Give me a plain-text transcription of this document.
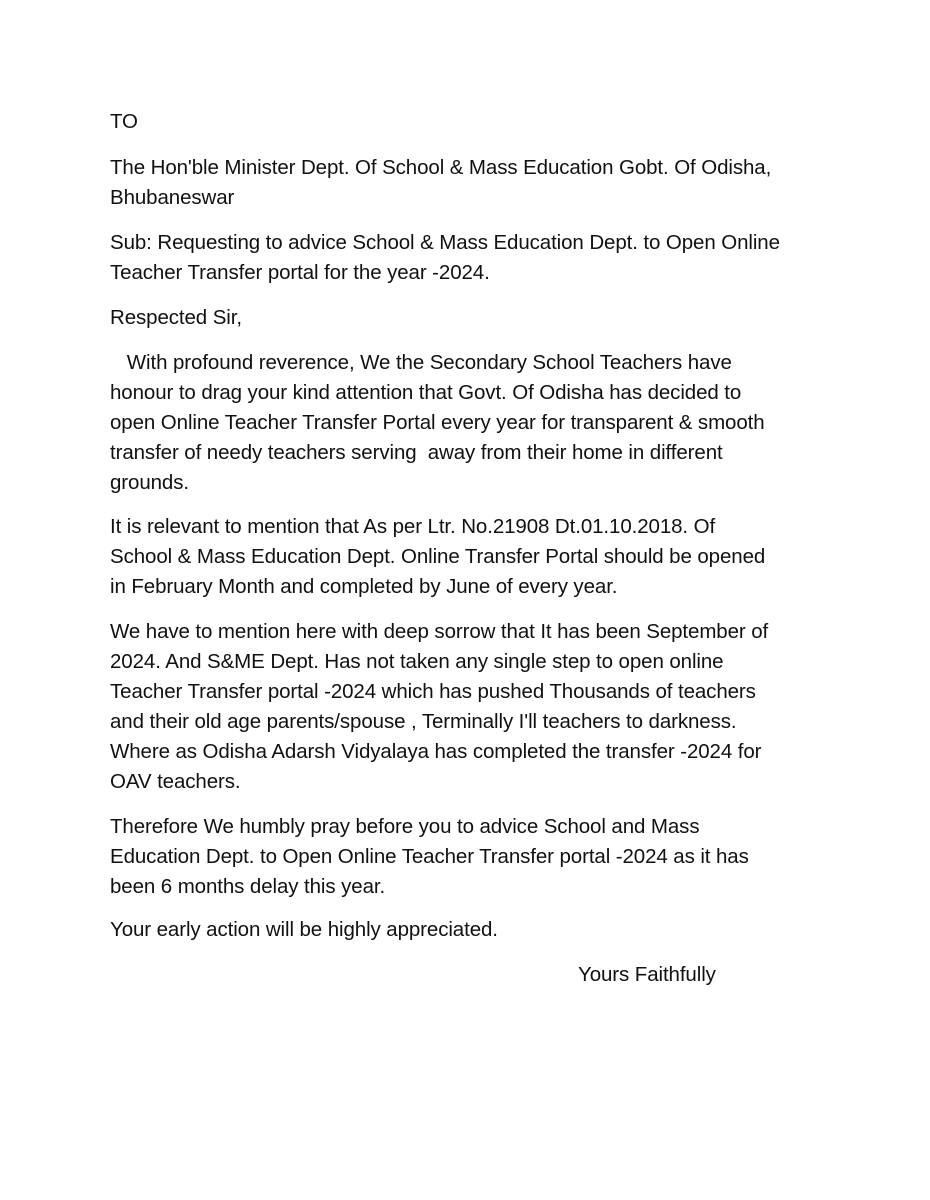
TO

The Hon'ble Minister Dept. Of School & Mass Education Gobt. Of Odisha,
Bhubaneswar

Sub: Requesting to advice School & Mass Education Dept. to Open Online
Teacher Transfer portal for the year -2024.

Respected Sir,

With profound reverence, We the Secondary School Teachers have
honour to drag your kind attention that Govt. Of Odisha has decided to
open Online Teacher Transfer Portal every year for transparent & smooth
transfer of needy teachers serving  away from their home in different
grounds.

It is relevant to mention that As per Ltr. No.21908 Dt.01.10.2018. Of
School & Mass Education Dept. Online Transfer Portal should be opened
in February Month and completed by June of every year.

We have to mention here with deep sorrow that It has been September of
2024. And S&ME Dept. Has not taken any single step to open online
Teacher Transfer portal -2024 which has pushed Thousands of teachers
and their old age parents/spouse , Terminally I'll teachers to darkness.
Where as Odisha Adarsh Vidyalaya has completed the transfer -2024 for
OAV teachers.

Therefore We humbly pray before you to advice School and Mass
Education Dept. to Open Online Teacher Transfer portal -2024 as it has
been 6 months delay this year.

Your early action will be highly appreciated.

Yours Faithfully
